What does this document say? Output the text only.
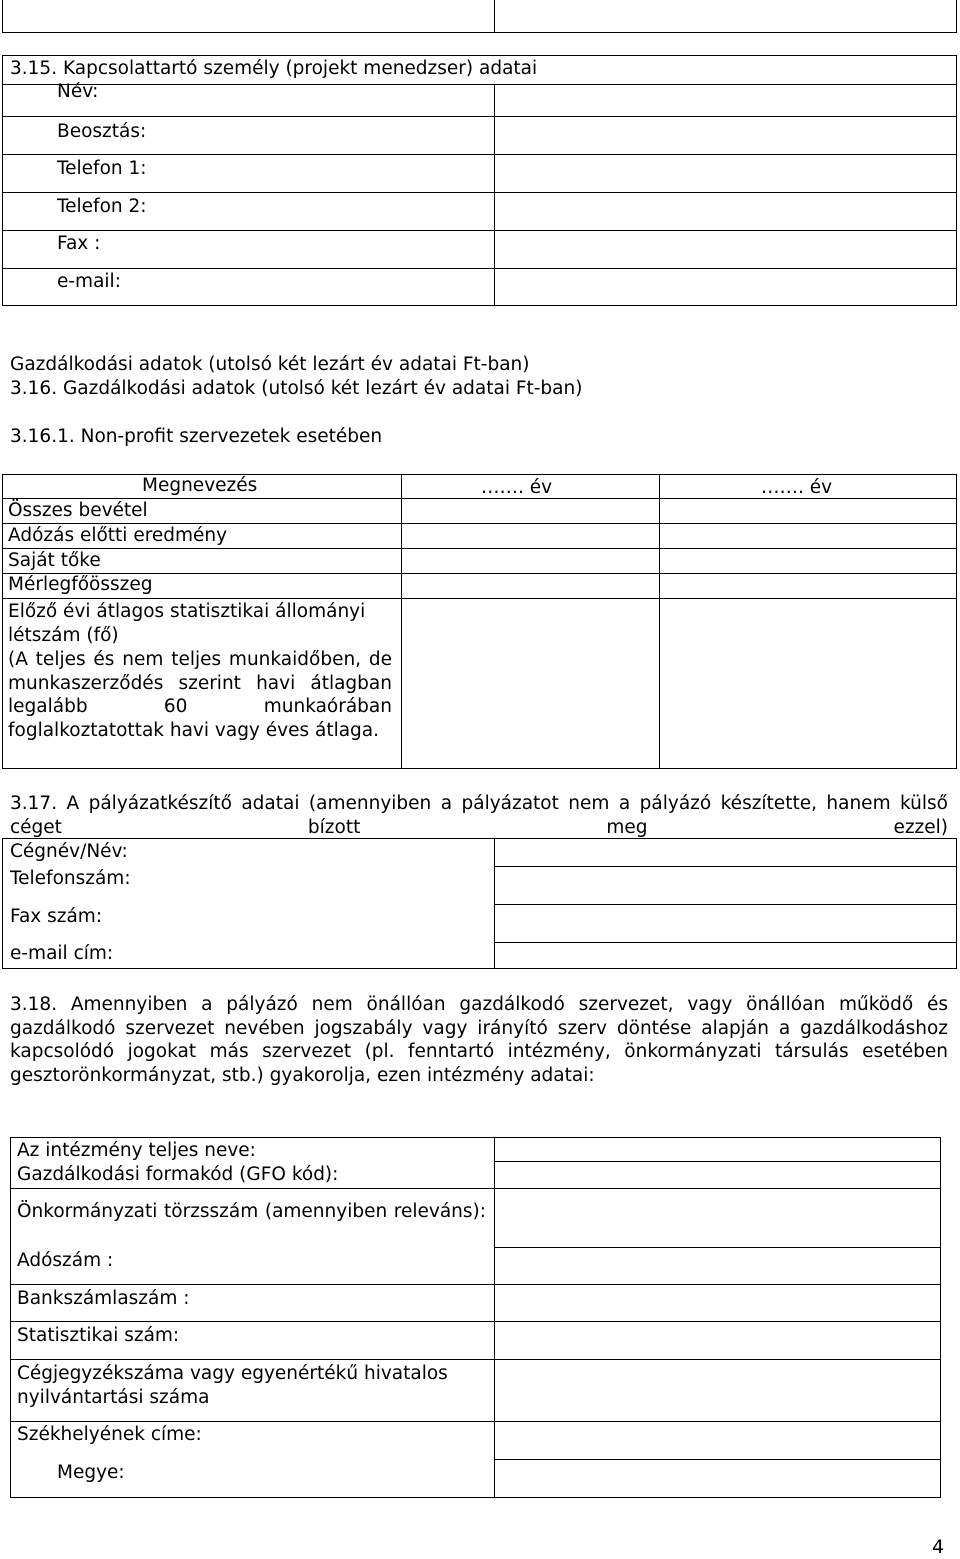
3.15. Kapcsolattartó személy (projekt menedzser) adatai
Név:
Beosztás:
Telefon 1:
Telefon 2:
Fax :
e-mail:
Gazdálkodási adatok (utolsó két lezárt év adatai Ft-ban)
3.16. Gazdálkodási adatok (utolsó két lezárt év adatai Ft-ban)
3.16.1. Non-profit szervezetek esetében
Megnevezés	……. év	……. év
Összes bevétel
Adózás előtti eredmény
Saját tőke
Mérlegfőösszeg
Előző évi átlagos statisztikai állományi
létszám (fő)
(A teljes és nem teljes munkaidőben, de munkaszerződés szerint havi átlagban legalább 60 munkaórában foglalkoztatottak havi vagy éves átlaga.
3.17. A pályázatkészítő adatai (amennyiben a pályázatot nem a pályázó készítette, hanem külső céget bízott meg ezzel)
Cégnév/Név:
Telefonszám:
Fax szám:
e-mail cím:
3.18. Amennyiben a pályázó nem önállóan gazdálkodó szervezet, vagy önállóan működő és gazdálkodó szervezet nevében jogszabály vagy irányító szerv döntése alapján a gazdálkodáshoz kapcsolódó jogokat más szervezet (pl. fenntartó intézmény, önkormányzati társulás esetében gesztorönkormányzat, stb.) gyakorolja, ezen intézmény adatai:
Az intézmény teljes neve:
Gazdálkodási formakód (GFO kód):
Önkormányzati törzsszám (amennyiben releváns):
Adószám :
Bankszámlaszám :
Statisztikai szám:
Cégjegyzékszáma vagy egyenértékű hivatalos nyilvántartási száma
Székhelyének címe:
Megye:
4
